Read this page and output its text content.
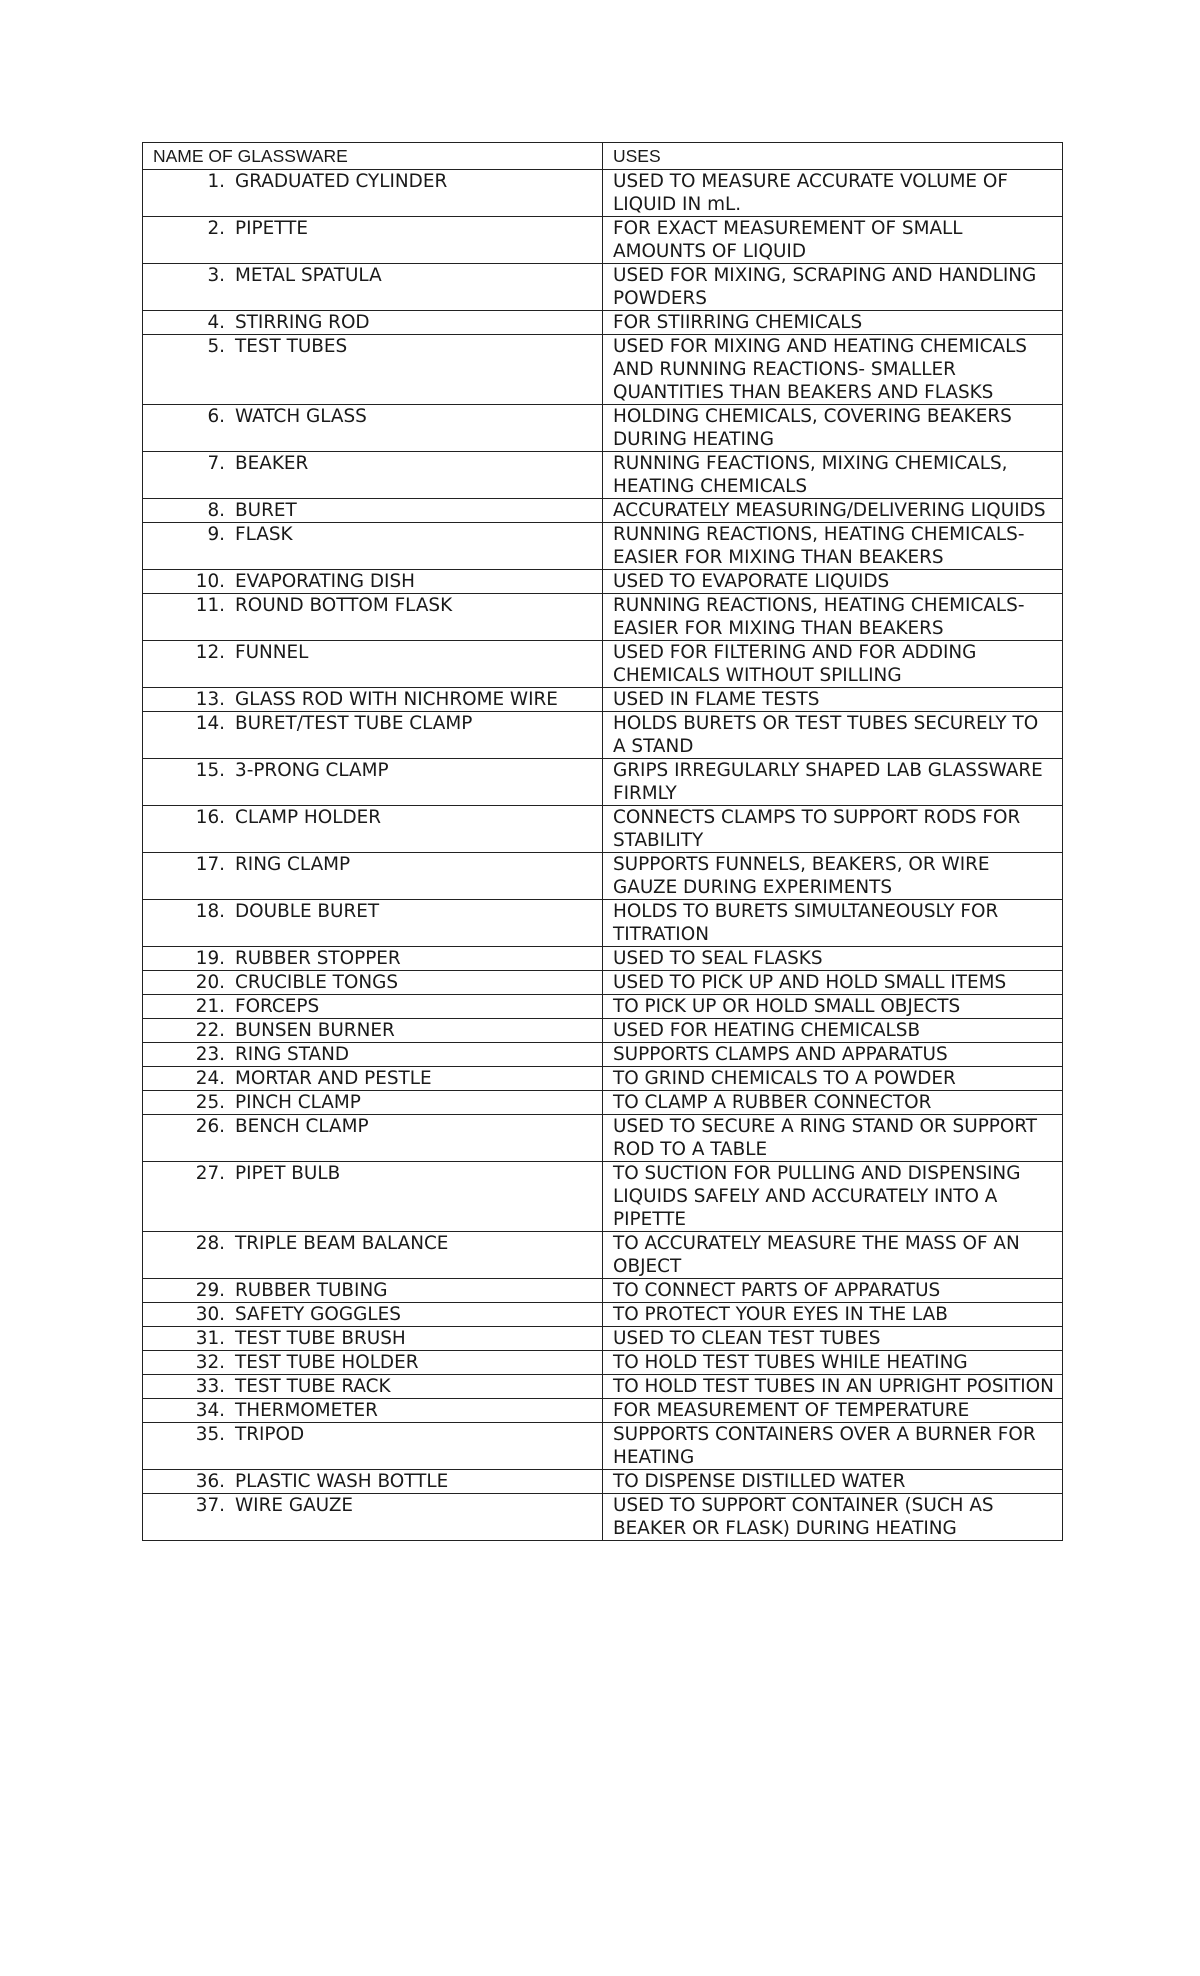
NAME OF GLASSWARE	USES

1. GRADUATED CYLINDER	USED TO MEASURE ACCURATE VOLUME OF LIQUID IN mL.

2. PIPETTE	FOR EXACT MEASUREMENT OF SMALL AMOUNTS OF LIQUID

3. METAL SPATULA	USED FOR MIXING, SCRAPING AND HANDLING POWDERS

4. STIRRING ROD	FOR STIIRRING CHEMICALS

5. TEST TUBES	USED FOR MIXING AND HEATING CHEMICALS AND RUNNING REACTIONS- SMALLER QUANTITIES THAN BEAKERS AND FLASKS

6. WATCH GLASS	HOLDING CHEMICALS, COVERING BEAKERS DURING HEATING

7. BEAKER	RUNNING FEACTIONS, MIXING CHEMICALS, HEATING CHEMICALS

8. BURET	ACCURATELY MEASURING/DELIVERING LIQUIDS

9. FLASK	RUNNING REACTIONS, HEATING CHEMICALS- EASIER FOR MIXING THAN BEAKERS

10. EVAPORATING DISH	USED TO EVAPORATE LIQUIDS

11. ROUND BOTTOM FLASK	RUNNING REACTIONS, HEATING CHEMICALS- EASIER FOR MIXING THAN BEAKERS

12. FUNNEL	USED FOR FILTERING AND FOR ADDING CHEMICALS WITHOUT SPILLING

13. GLASS ROD WITH NICHROME WIRE	USED IN FLAME TESTS

14. BURET/TEST TUBE CLAMP	HOLDS BURETS OR TEST TUBES SECURELY TO A STAND

15. 3-PRONG CLAMP	GRIPS IRREGULARLY SHAPED LAB GLASSWARE FIRMLY

16. CLAMP HOLDER	CONNECTS CLAMPS TO SUPPORT RODS FOR STABILITY

17. RING CLAMP	SUPPORTS FUNNELS, BEAKERS, OR WIRE GAUZE DURING EXPERIMENTS

18. DOUBLE BURET	HOLDS TO BURETS SIMULTANEOUSLY FOR TITRATION

19. RUBBER STOPPER	USED TO SEAL FLASKS

20. CRUCIBLE TONGS	USED TO PICK UP AND HOLD SMALL ITEMS

21. FORCEPS	TO PICK UP OR HOLD SMALL OBJECTS

22. BUNSEN BURNER	USED FOR HEATING CHEMICALSB

23. RING STAND	SUPPORTS CLAMPS AND APPARATUS

24. MORTAR AND PESTLE	TO GRIND CHEMICALS TO A POWDER

25. PINCH CLAMP	TO CLAMP A RUBBER CONNECTOR

26. BENCH CLAMP	USED TO SECURE A RING STAND OR SUPPORT ROD TO A TABLE

27. PIPET BULB	TO SUCTION FOR PULLING AND DISPENSING LIQUIDS SAFELY AND ACCURATELY INTO A PIPETTE

28. TRIPLE BEAM BALANCE	TO ACCURATELY MEASURE THE MASS OF AN OBJECT

29. RUBBER TUBING	TO CONNECT PARTS OF APPARATUS

30. SAFETY GOGGLES	TO PROTECT YOUR EYES IN THE LAB

31. TEST TUBE BRUSH	USED TO CLEAN TEST TUBES

32. TEST TUBE HOLDER	TO HOLD TEST TUBES WHILE HEATING

33. TEST TUBE RACK	TO HOLD TEST TUBES IN AN UPRIGHT POSITION

34. THERMOMETER	FOR MEASUREMENT OF TEMPERATURE

35. TRIPOD	SUPPORTS CONTAINERS OVER A BURNER FOR HEATING

36. PLASTIC WASH BOTTLE	TO DISPENSE DISTILLED WATER

37. WIRE GAUZE	USED TO SUPPORT CONTAINER (SUCH AS BEAKER OR FLASK) DURING HEATING
